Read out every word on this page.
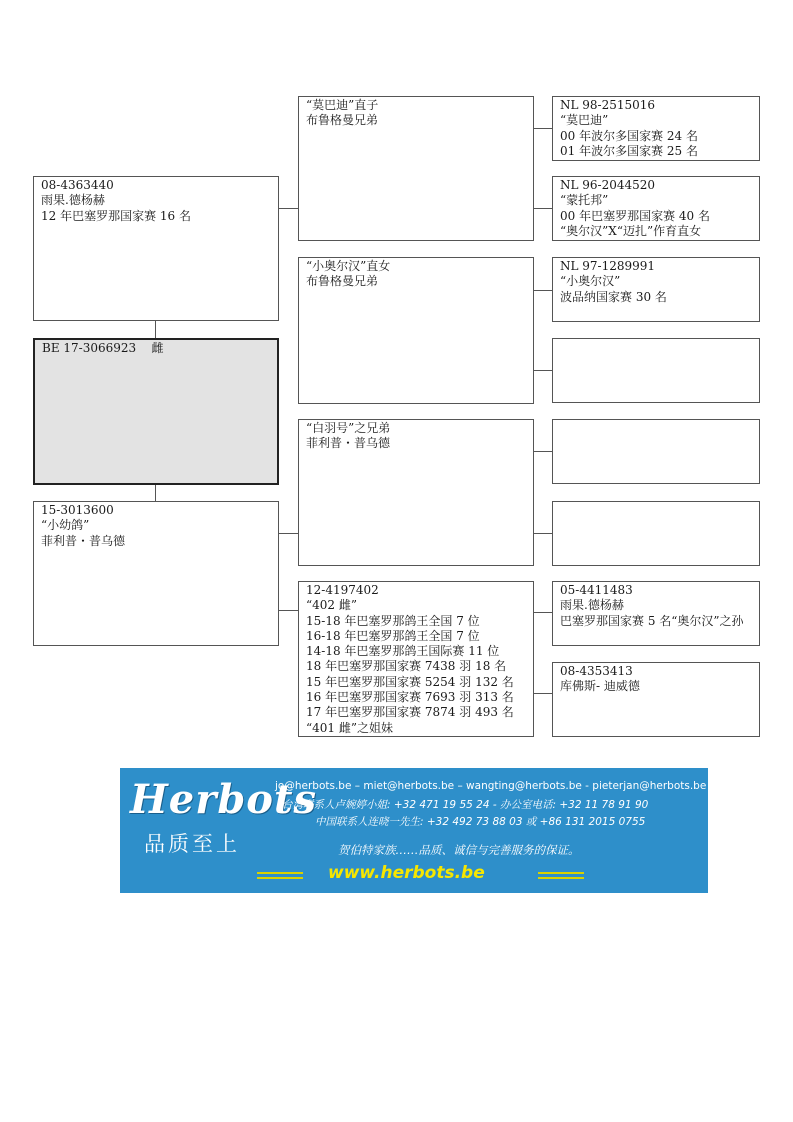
08-4363440
雨果.德杨赫
12 年巴塞罗那国家赛 16 名
BE 17-3066923 雌
15-3013600
“小幼鸽”
菲利普・普乌德
“莫巴迪”直子
布鲁格曼兄弟
“小奥尔汉”直女
布鲁格曼兄弟
“白羽号”之兄弟
菲利普・普乌德
12-4197402
“402 雌”
15-18 年巴塞罗那鸽王全国 7 位
16-18 年巴塞罗那鸽王全国 7 位
14-18 年巴塞罗那鸽王国际赛 11 位
18 年巴塞罗那国家赛 7438 羽 18 名
15 年巴塞罗那国家赛 5254 羽 132 名
16 年巴塞罗那国家赛 7693 羽 313 名
17 年巴塞罗那国家赛 7874 羽 493 名
“401 雌”之姐妹
NL 98-2515016
“莫巴迪”
00 年波尔多国家赛 24 名
01 年波尔多国家赛 25 名
NL 96-2044520
“蒙托邦”
00 年巴塞罗那国家赛 40 名
“奥尔汉”X“迈扎”作育直女
NL 97-1289991
“小奥尔汉”
波品纳国家赛 30 名
05-4411483
雨果.德杨赫
巴塞罗那国家赛 5 名“奥尔汉”之孙
08-4353413
库佛斯- 迪威德
Herbots
品质至上
jo@herbots.be – miet@herbots.be – wangting@herbots.be - pieterjan@herbots.be
台湾联系人卢婉婷小姐: +32 471 19 55 24 - 办公室电话: +32 11 78 91 90
中国联系人连晓一先生: +32 492 73 88 03 或 +86 131 2015 0755
贺伯特家族……品质、诚信与完善服务的保证。
www.herbots.be
